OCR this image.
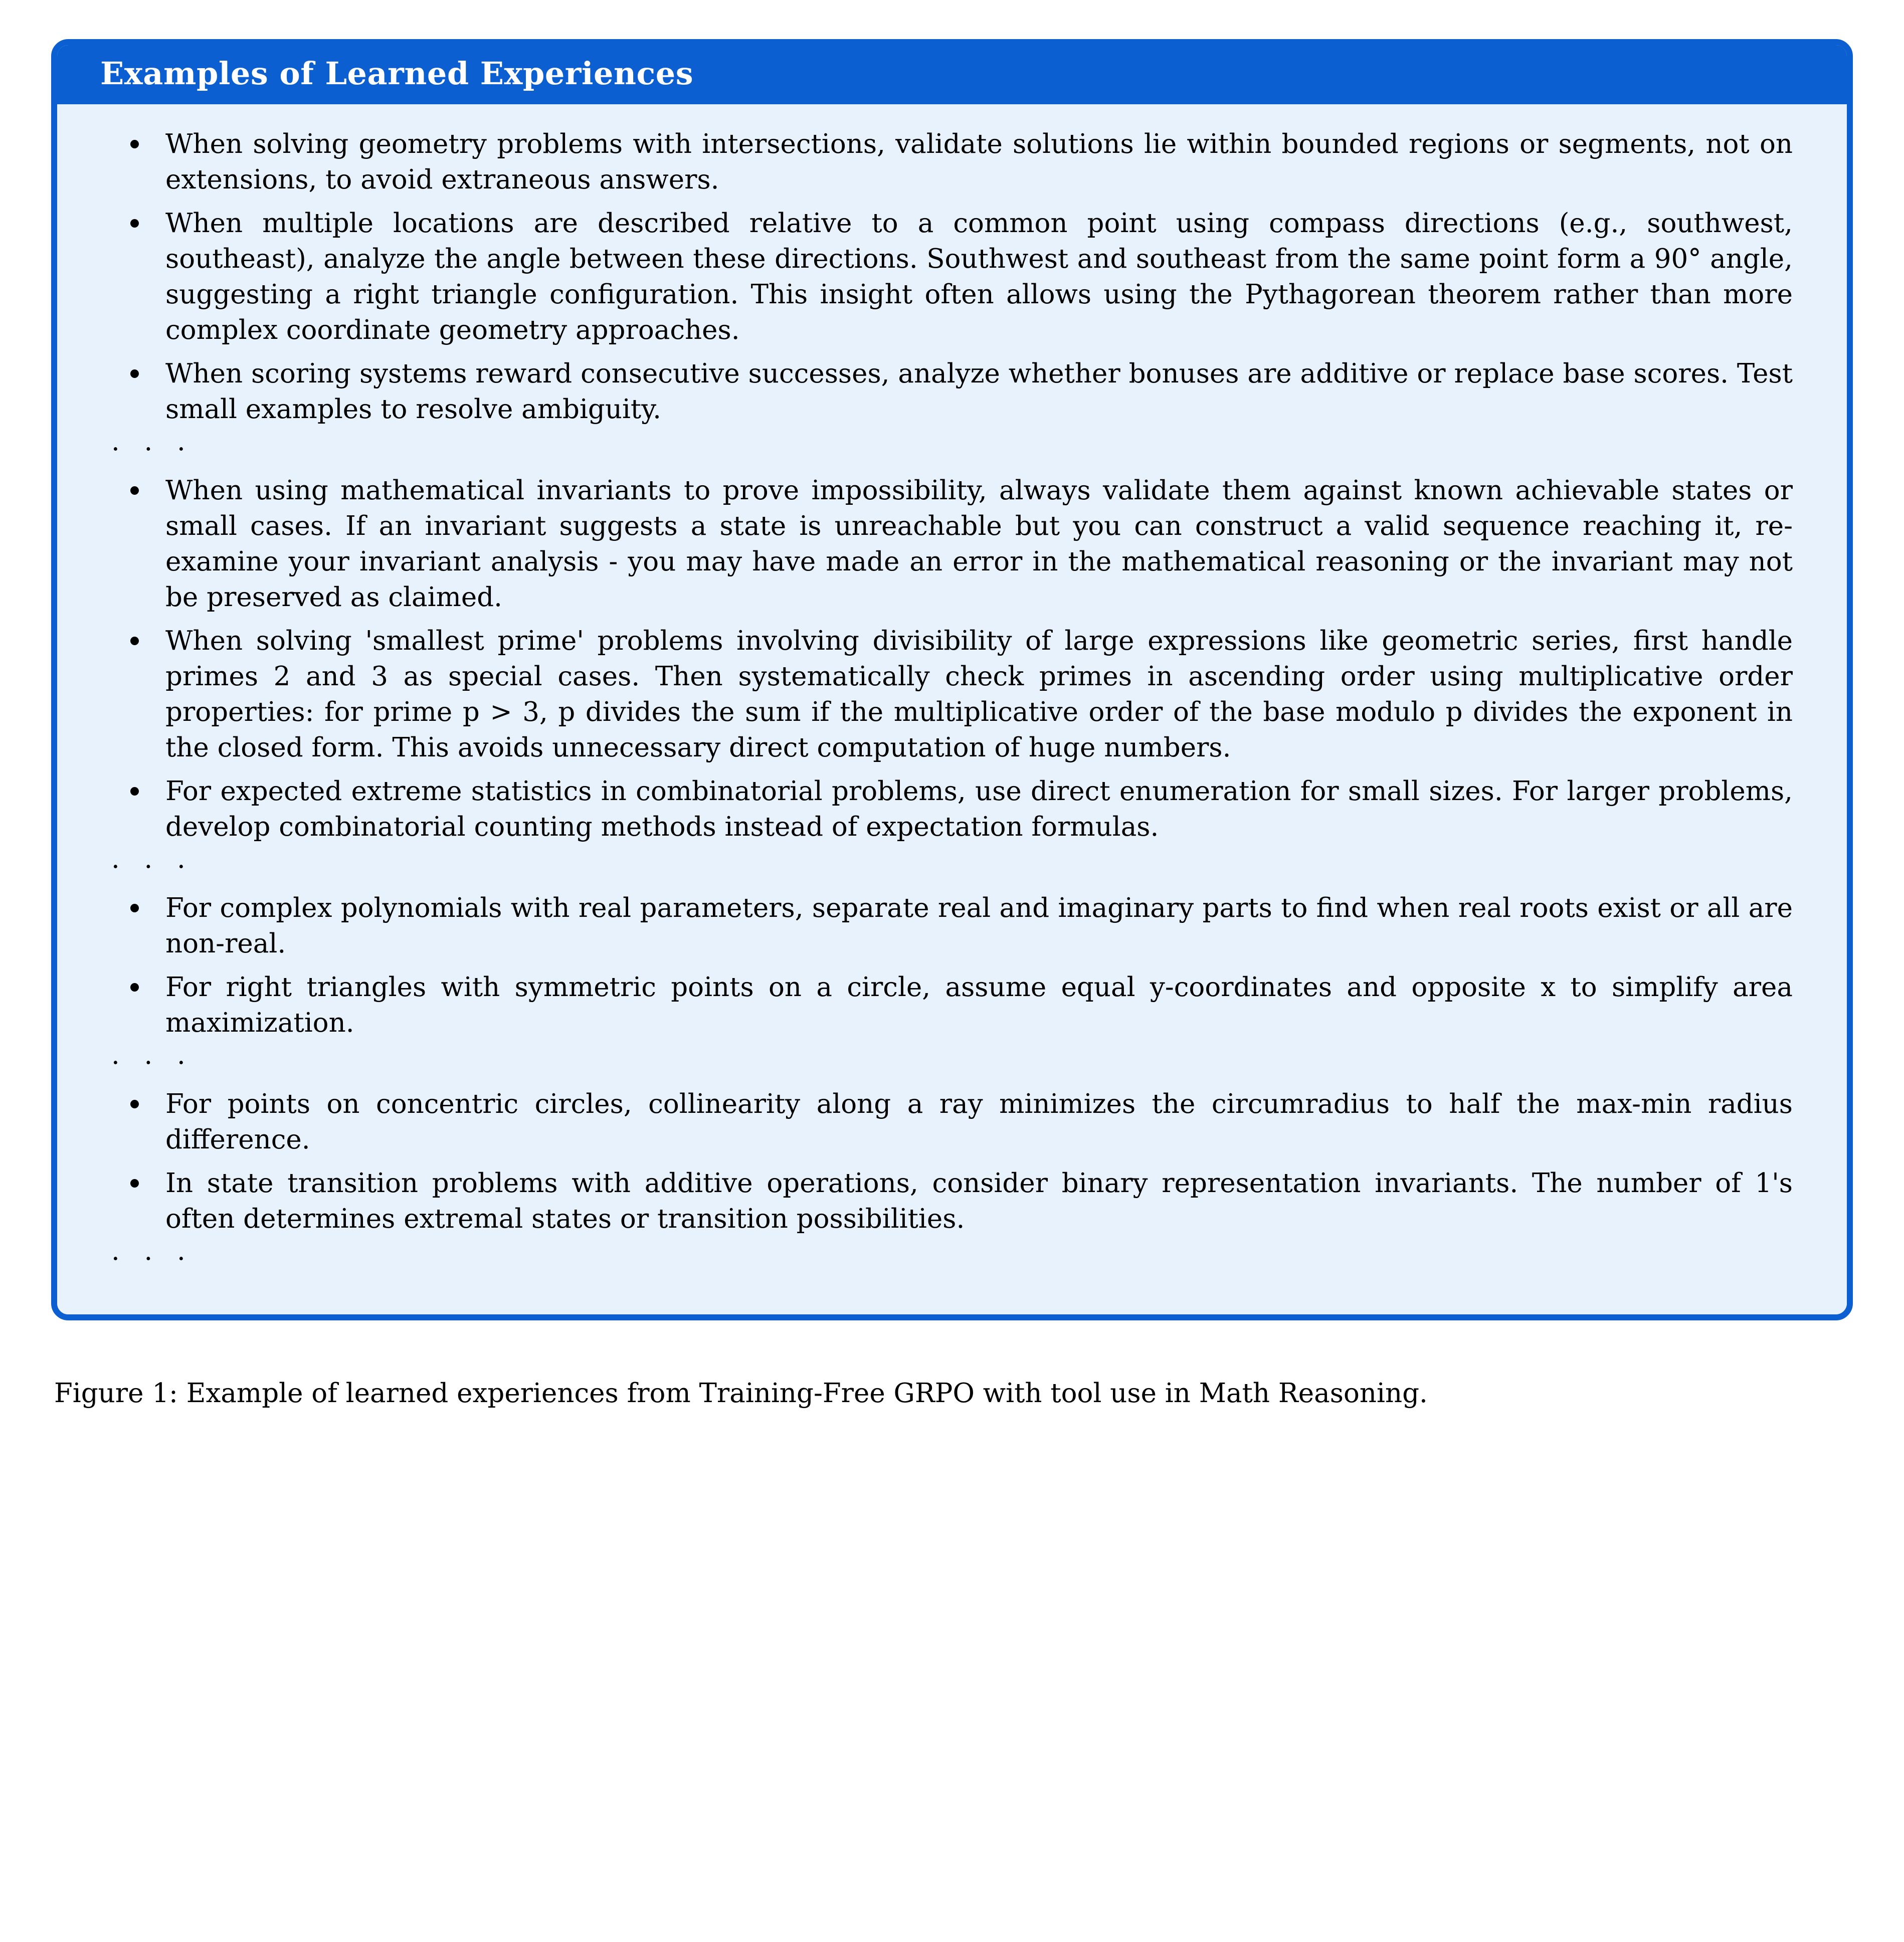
Examples of Learned Experiences
When solving geometry problems with intersections, validate solutions lie within bounded regions or segments, not on extensions, to avoid extraneous answers.
When multiple locations are described relative to a common point using compass directions (e.g., southwest, southeast), analyze the angle between these directions. Southwest and southeast from the same point form a 90° angle, suggesting a right triangle configuration. This insight often allows using the Pythagorean theorem rather than more complex coordinate geometry approaches.
When scoring systems reward consecutive successes, analyze whether bonuses are additive or replace base scores. Test small examples to resolve ambiguity.
· · ·
When using mathematical invariants to prove impossibility, always validate them against known achievable states or small cases. If an invariant suggests a state is unreachable but you can construct a valid sequence reaching it, re-examine your invariant analysis - you may have made an error in the mathematical reasoning or the invariant may not be preserved as claimed.
When solving 'smallest prime' problems involving divisibility of large expressions like geometric series, first handle primes 2 and 3 as special cases. Then systematically check primes in ascending order using multiplicative order properties: for prime p > 3, p divides the sum if the multiplicative order of the base modulo p divides the exponent in the closed form. This avoids unnecessary direct computation of huge numbers.
For expected extreme statistics in combinatorial problems, use direct enumeration for small sizes. For larger problems, develop combinatorial counting methods instead of expectation formulas.
· · ·
For complex polynomials with real parameters, separate real and imaginary parts to find when real roots exist or all are non-real.
For right triangles with symmetric points on a circle, assume equal y-coordinates and opposite x to simplify area maximization.
· · ·
For points on concentric circles, collinearity along a ray minimizes the circumradius to half the max-min radius difference.
In state transition problems with additive operations, consider binary representation invariants. The number of 1's often determines extremal states or transition possibilities.
· · ·
Figure 1: Example of learned experiences from Training-Free GRPO with tool use in Math Reasoning.
